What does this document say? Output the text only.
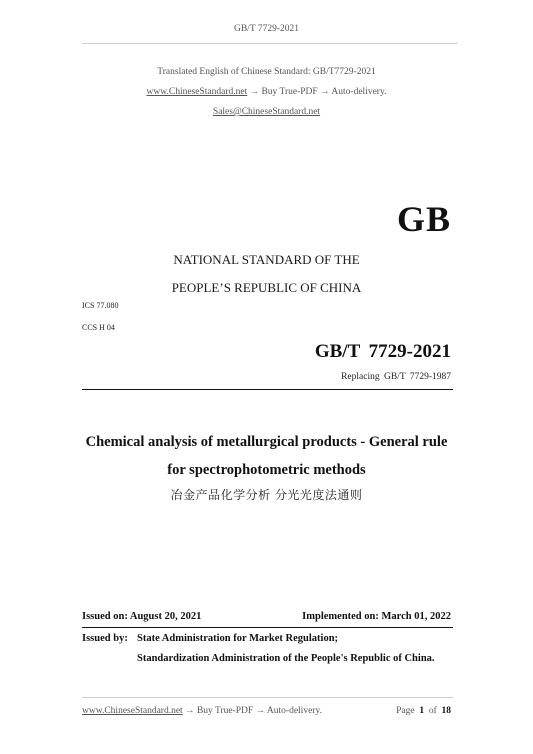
GB/T 7729-2021
Translated English of Chinese Standard: GB/T7729-2021
www.ChineseStandard.net → Buy True-PDF → Auto-delivery.
Sales@ChineseStandard.net
GB
NATIONAL STANDARD OF THE
PEOPLE’S REPUBLIC OF CHINA
ICS 77.080
CCS H 04
GB/T 7729-2021
Replacing GB/T 7729-1987
Chemical analysis of metallurgical products - General rule
for spectrophotometric methods
冶金产品化学分析 分光光度法通则
Issued on: August 20, 2021	Implemented on: March 01, 2022
Issued by: State Administration for Market Regulation;
Standardization Administration of the People's Republic of China.
www.ChineseStandard.net → Buy True-PDF → Auto-delivery.	Page 1 of 18
